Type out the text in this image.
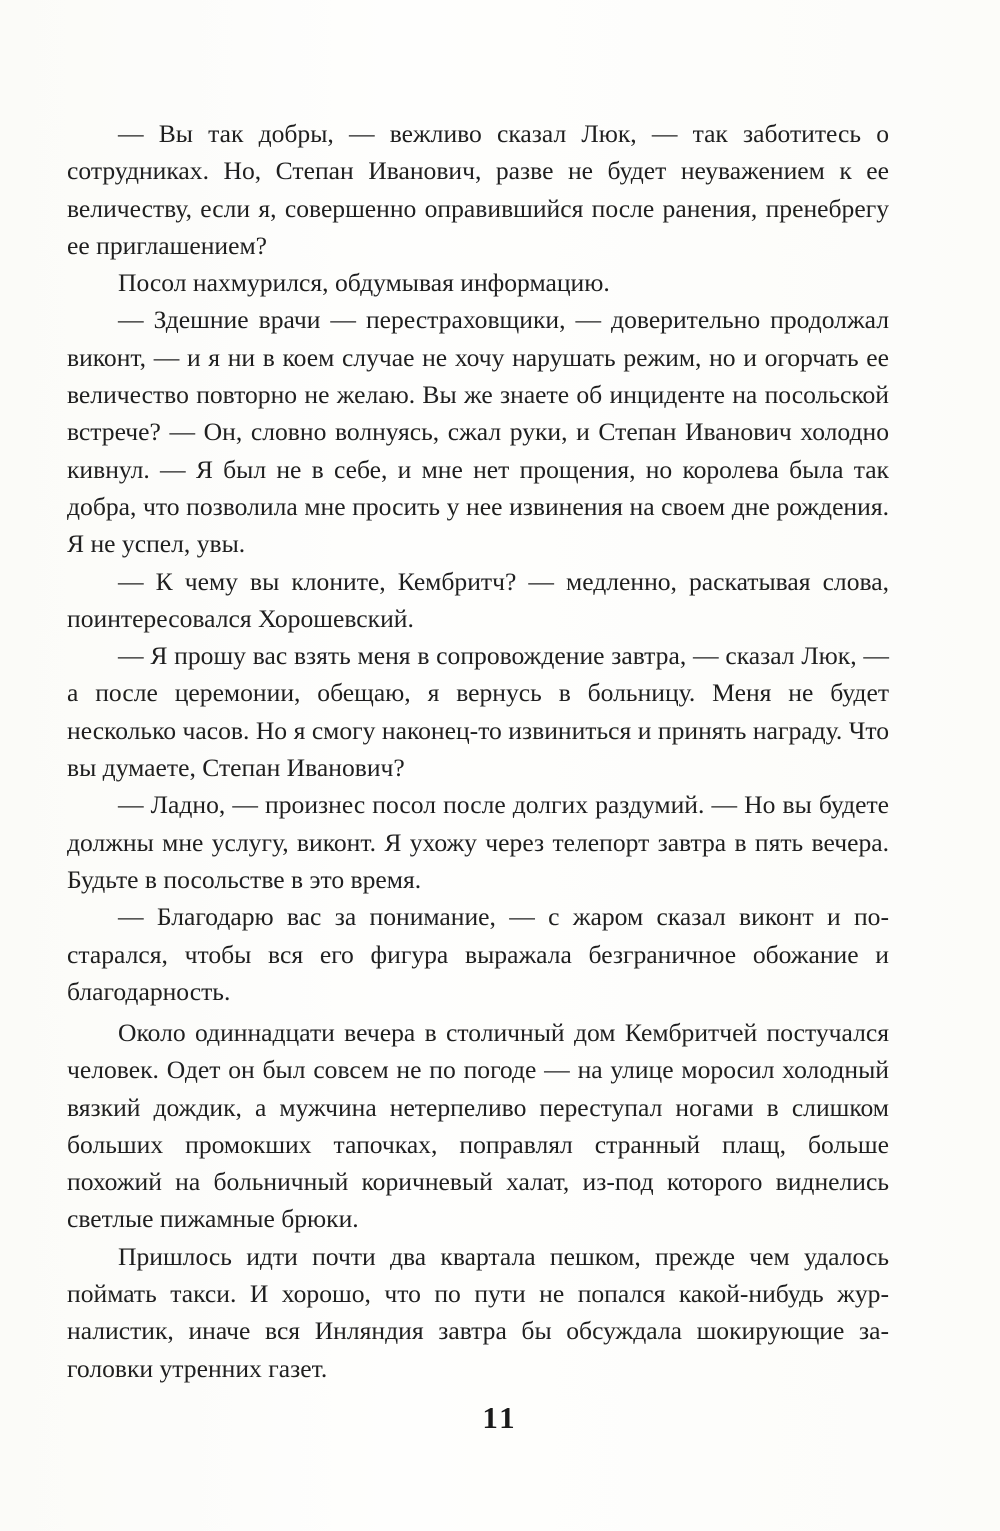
— Вы так добры, — вежливо сказал Люк, — так заботитесь о сотрудниках. Но, Степан Иванович, разве не будет неуважением к ее величеству, если я, совершенно оправившийся после ранения, пренебрегу ее приглашением?

Посол нахмурился, обдумывая информацию.

— Здешние врачи — перестраховщики, — доверительно продолжал виконт, — и я ни в коем случае не хочу нарушать режим, но и огорчать ее величество повторно не желаю. Вы же знаете об инциденте на посольской встрече? — Он, словно волнуясь, сжал руки, и Степан Иванович холодно кивнул. — Я был не в себе, и мне нет прощения, но королева была так добра, что позволила мне просить у нее извинения на своем дне рождения. Я не успел, увы.

— К чему вы клоните, Кембритч? — медленно, раскатывая слова, поинтересовался Хорошевский.

— Я прошу вас взять меня в сопровождение завтра, — сказал Люк, — а после церемонии, обещаю, я вернусь в больницу. Меня не будет несколько часов. Но я смогу наконец-то извиниться и принять награду. Что вы думаете, Степан Иванович?

— Ладно, — произнес посол после долгих раздумий. — Но вы будете должны мне услугу, виконт. Я ухожу через телепорт завтра в пять вечера. Будьте в посольстве в это время.

— Благодарю вас за понимание, — с жаром сказал виконт и постарался, чтобы вся его фигура выражала безграничное обожание и благодарность.

Около одиннадцати вечера в столичный дом Кембритчей постучался человек. Одет он был совсем не по погоде — на улице моросил холодный вязкий дождик, а мужчина нетерпеливо переступал ногами в слишком больших промокших тапочках, поправлял странный плащ, больше похожий на больничный коричневый халат, из-под которого виднелись светлые пижамные брюки.

Пришлось идти почти два квартала пешком, прежде чем удалось поймать такси. И хорошо, что по пути не попался какой-нибудь журналистик, иначе вся Инляндия завтра бы обсуждала шокирующие заголовки утренних газет.

11
